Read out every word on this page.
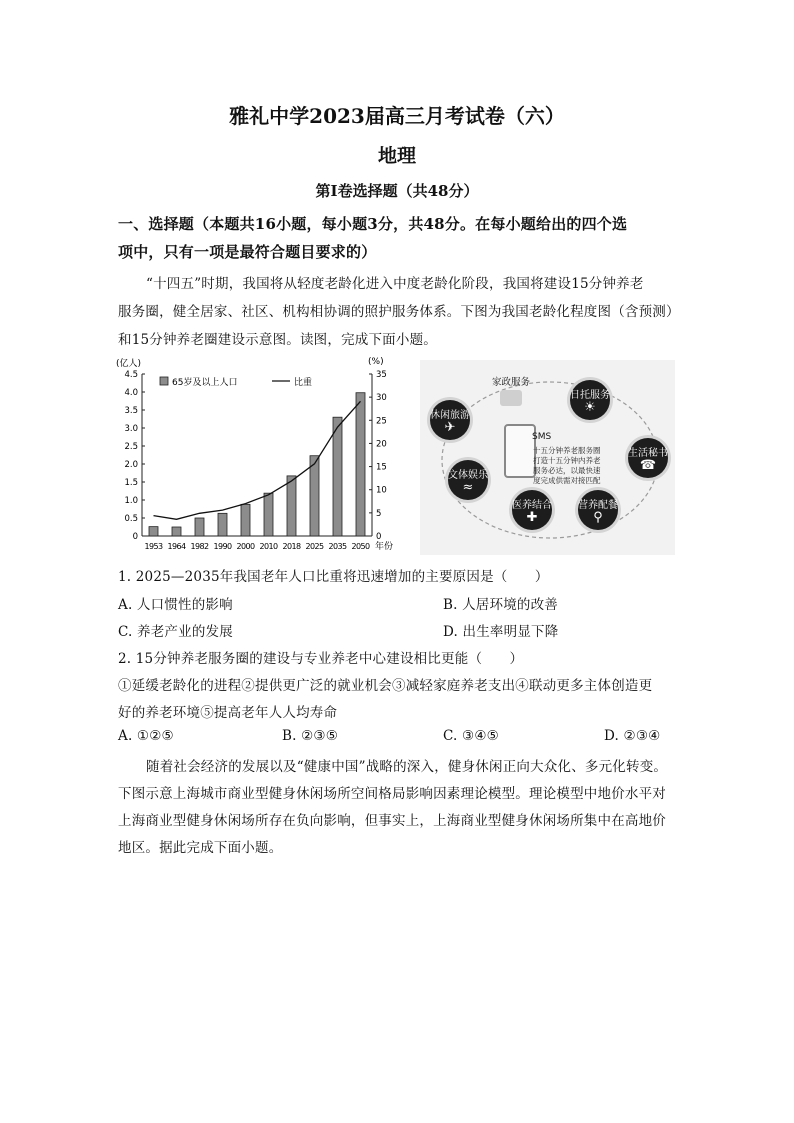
雅礼中学2023届高三月考试卷（六）
地理
第Ⅰ卷选择题（共48分）
一、选择题（本题共16小题，每小题3分，共48分。在每小题给出的四个选
项中，只有一项是最符合题目要求的）
“十四五”时期，我国将从轻度老龄化进入中度老龄化阶段，我国将建设15分钟养老
服务圈，健全居家、社区、机构相协调的照护服务体系。下图为我国老龄化程度图（含预测）
和15分钟养老圈建设示意图。读图，完成下面小题。
(亿人)	(%)
年份
0
0.5
1.0
1.5
2.0
2.5
3.0
3.5
4.0
4.5
0
5
10
15
20
25
30
35
1953 1964 1982 1990 2000 2010 2018 2025 2035 2050
65岁及以上人口	比重
SMS
十五分钟养老服务圈
打造十五分钟内养老
服务必达，以最快速
度完成供需对接匹配
家政服务
日托服务
☀
生活秘书
☎
营养配餐
⚲
医养结合
✚
文体娱乐
≈
休闲旅游
✈
1. 2025—2035年我国老年人口比重将迅速增加的主要原因是（　　）
A. 人口惯性的影响	B. 人居环境的改善
C. 养老产业的发展	D. 出生率明显下降
2. 15分钟养老服务圈的建设与专业养老中心建设相比更能（　　）
①延缓老龄化的进程②提供更广泛的就业机会③减轻家庭养老支出④联动更多主体创造更
好的养老环境⑤提高老年人人均寿命
A. ①②⑤	B. ②③⑤	C. ③④⑤	D. ②③④
随着社会经济的发展以及“健康中国”战略的深入，健身休闲正向大众化、多元化转变。
下图示意上海城市商业型健身休闲场所空间格局影响因素理论模型。理论模型中地价水平对
上海商业型健身休闲场所存在负向影响，但事实上，上海商业型健身休闲场所集中在高地价
地区。据此完成下面小题。
